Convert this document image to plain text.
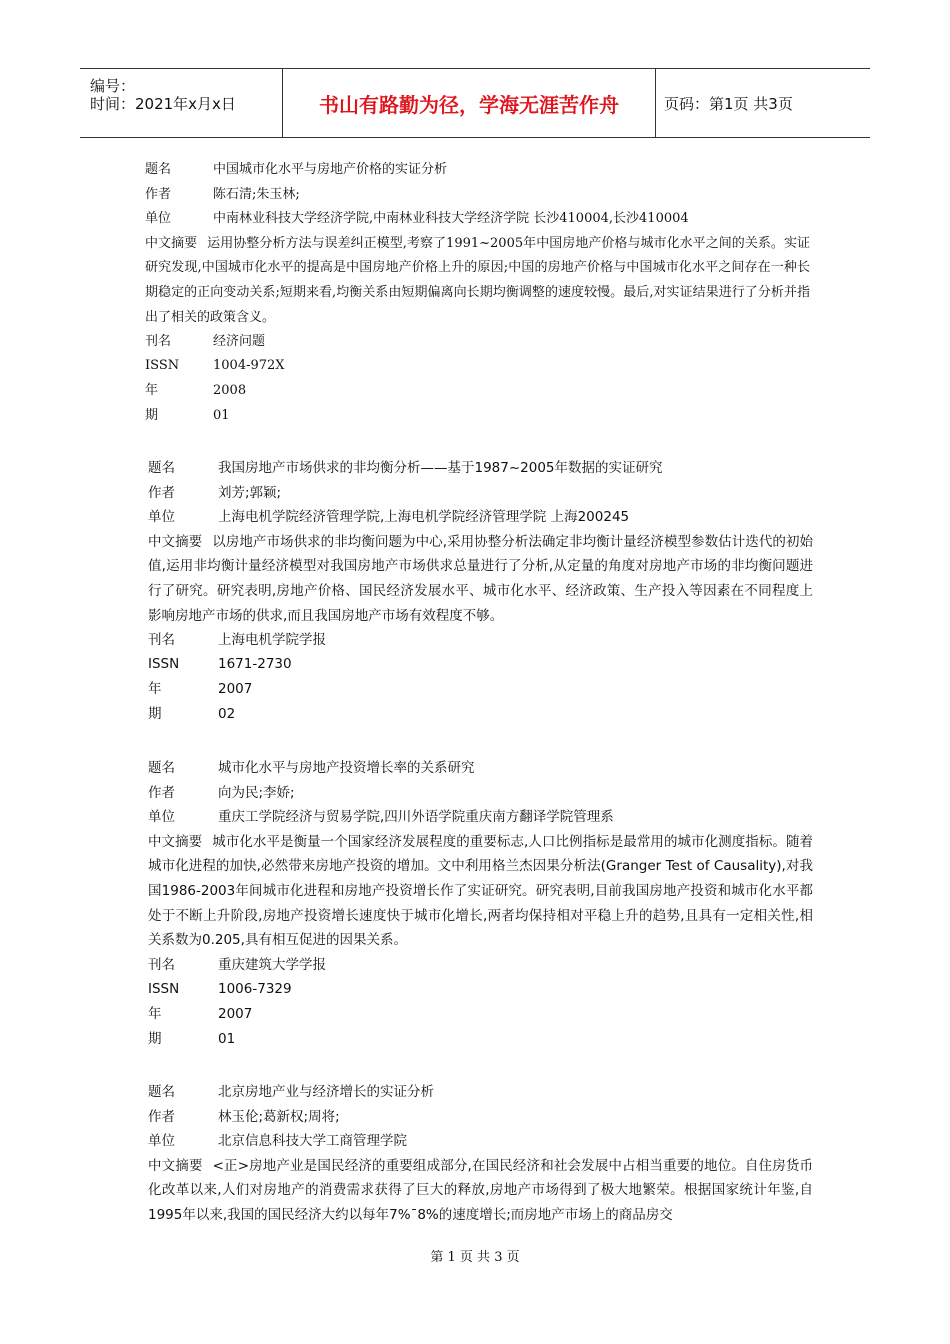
编号：
时间：2021年x月x日	书山有路勤为径，学海无涯苦作舟	页码：第1页 共3页
题名	中国城市化水平与房地产价格的实证分析
作者	陈石清;朱玉林;
单位	中南林业科技大学经济学院,中南林业科技大学经济学院 长沙410004,长沙410004
中文摘要 运用协整分析方法与误差纠正模型,考察了1991~2005年中国房地产价格与城市化水平之间的关系。实证研究发现,中国城市化水平的提高是中国房地产价格上升的原因;中国的房地产价格与中国城市化水平之间存在一种长期稳定的正向变动关系;短期来看,均衡关系由短期偏离向长期均衡调整的速度较慢。最后,对实证结果进行了分析并指出了相关的政策含义。
刊名	经济问题
ISSN	1004-972X
年	2008
期	01
题名	我国房地产市场供求的非均衡分析——基于1987~2005年数据的实证研究
作者	刘芳;郭颖;
单位	上海电机学院经济管理学院,上海电机学院经济管理学院 上海200245
中文摘要 以房地产市场供求的非均衡问题为中心,采用协整分析法确定非均衡计量经济模型参数估计迭代的初始值,运用非均衡计量经济模型对我国房地产市场供求总量进行了分析,从定量的角度对房地产市场的非均衡问题进行了研究。研究表明,房地产价格、国民经济发展水平、城市化水平、经济政策、生产投入等因素在不同程度上影响房地产市场的供求,而且我国房地产市场有效程度不够。
刊名	上海电机学院学报
ISSN	1671-2730
年	2007
期	02
题名	城市化水平与房地产投资增长率的关系研究
作者	向为民;李娇;
单位	重庆工学院经济与贸易学院,四川外语学院重庆南方翻译学院管理系
中文摘要 城市化水平是衡量一个国家经济发展程度的重要标志,人口比例指标是最常用的城市化测度指标。随着城市化进程的加快,必然带来房地产投资的增加。文中利用格兰杰因果分析法(Granger Test of Causality),对我国1986-2003年间城市化进程和房地产投资增长作了实证研究。研究表明,目前我国房地产投资和城市化水平都处于不断上升阶段,房地产投资增长速度快于城市化增长,两者均保持相对平稳上升的趋势,且具有一定相关性,相关系数为0.205,具有相互促进的因果关系。
刊名	重庆建筑大学学报
ISSN	1006-7329
年	2007
期	01
题名	北京房地产业与经济增长的实证分析
作者	林玉伦;葛新权;周将;
单位	北京信息科技大学工商管理学院
中文摘要 <正>房地产业是国民经济的重要组成部分,在国民经济和社会发展中占相当重要的地位。自住房货币化改革以来,人们对房地产的消费需求获得了巨大的释放,房地产市场得到了极大地繁荣。根据国家统计年鉴,自1995年以来,我国的国民经济大约以每年7%¯8%的速度增长;而房地产市场上的商品房交
第 1 页 共 3 页
